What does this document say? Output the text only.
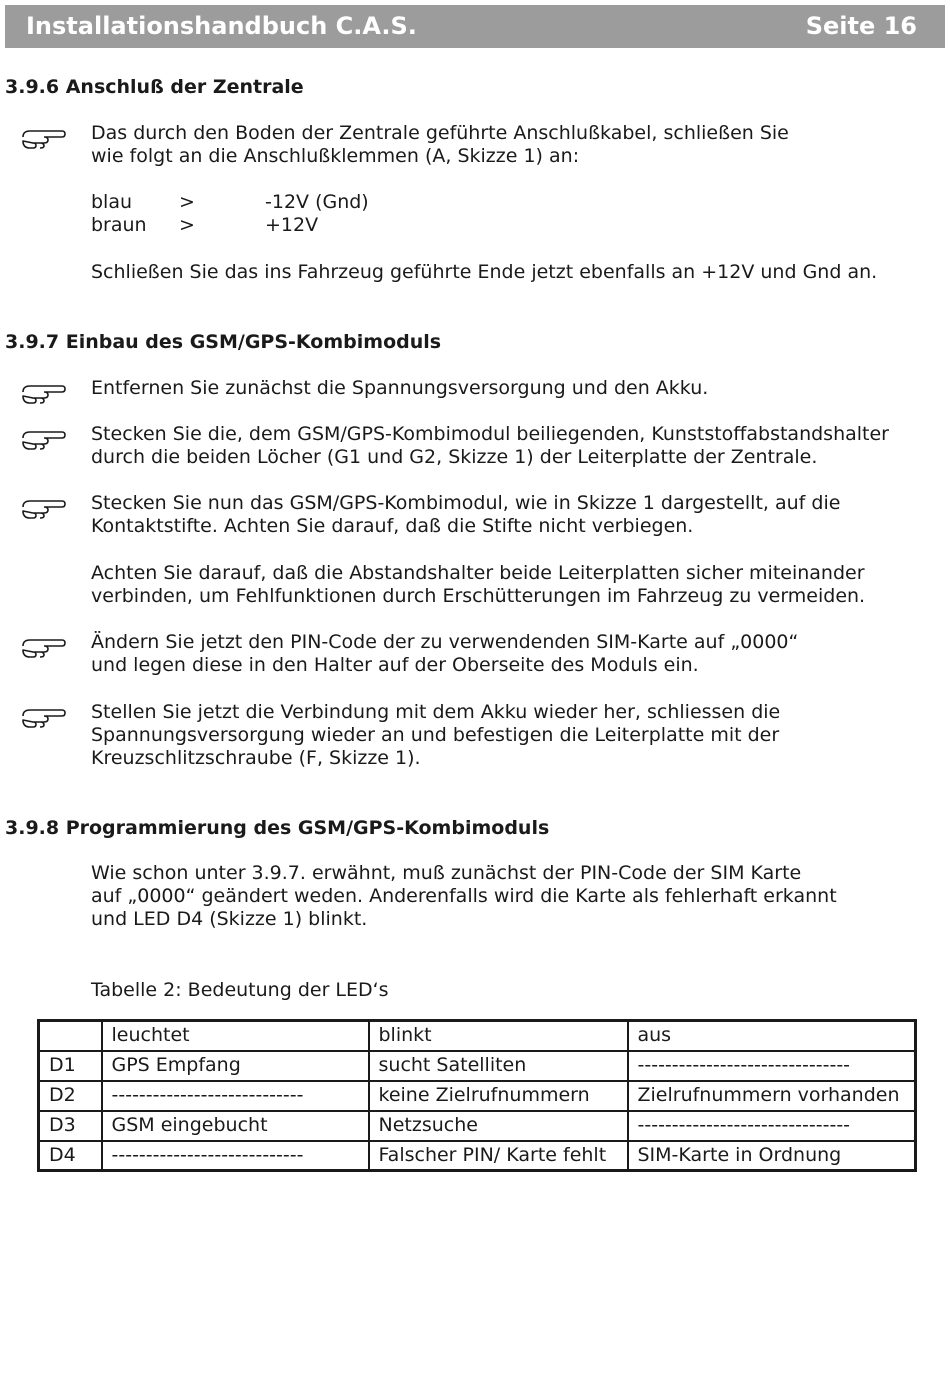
Installationshandbuch C.A.S.	Seite 16
3.9.6 Anschluß der Zentrale
Das durch den Boden der Zentrale geführte Anschlußkabel, schließen Sie
wie folgt an die Anschlußklemmen (A, Skizze 1) an:
blau >	-12V (Gnd)
braun >	+12V
Schließen Sie das ins Fahrzeug geführte Ende jetzt ebenfalls an +12V und Gnd an.
3.9.7 Einbau des GSM/GPS-Kombimoduls
Entfernen Sie zunächst die Spannungsversorgung und den Akku.
Stecken Sie die, dem GSM/GPS-Kombimodul beiliegenden, Kunststoffabstandshalter
durch die beiden Löcher (G1 und G2, Skizze 1) der Leiterplatte der Zentrale.
Stecken Sie nun das GSM/GPS-Kombimodul, wie in Skizze 1 dargestellt, auf die
Kontaktstifte. Achten Sie darauf, daß die Stifte nicht verbiegen.
Achten Sie darauf, daß die Abstandshalter beide Leiterplatten sicher miteinander
verbinden, um Fehlfunktionen durch Erschütterungen im Fahrzeug zu vermeiden.
Ändern Sie jetzt den PIN-Code der zu verwendenden SIM-Karte auf „0000“
und legen diese in den Halter auf der Oberseite des Moduls ein.
Stellen Sie jetzt die Verbindung mit dem Akku wieder her, schliessen die
Spannungsversorgung wieder an und befestigen die Leiterplatte mit der
Kreuzschlitzschraube (F, Skizze 1).
3.9.8 Programmierung des GSM/GPS-Kombimoduls
Wie schon unter 3.9.7. erwähnt, muß zunächst der PIN-Code der SIM Karte
auf „0000“ geändert weden. Anderenfalls wird die Karte als fehlerhaft erkannt
und LED D4 (Skizze 1) blinkt.
Tabelle 2: Bedeutung der LED‘s
	leuchtet	blinkt	aus
D1	GPS Empfang	sucht Satelliten	-------------------------------
D2	----------------------------	keine Zielrufnummern	Zielrufnummern vorhanden
D3	GSM eingebucht	Netzsuche	-------------------------------
D4	----------------------------	Falscher PIN/ Karte fehlt	SIM-Karte in Ordnung
